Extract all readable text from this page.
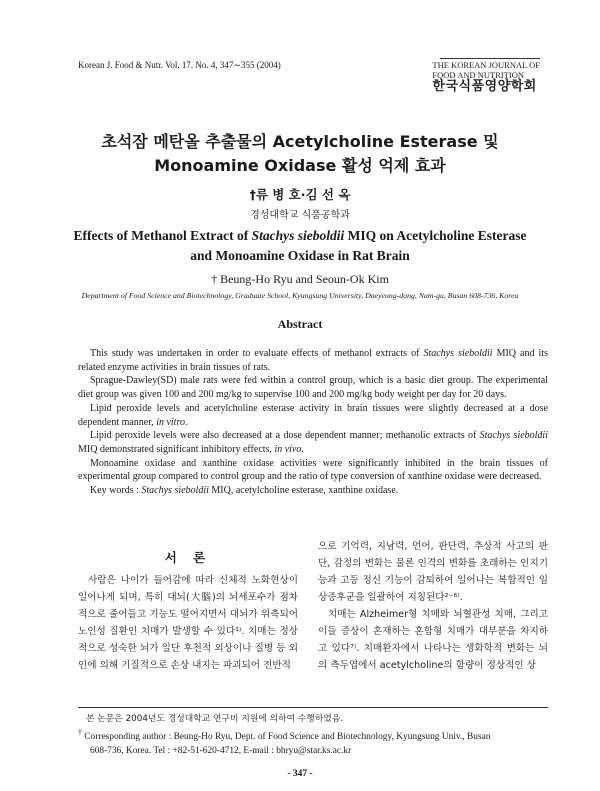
Korean J. Food & Nutr. Vol. 17. No. 4, 347∼355 (2004)	THE KOREAN JOURNAL OF
FOOD AND NUTRITION
한국식품영양학회
초석잠 메탄올 추출물의 Acetylcholine Esterase 및
Monoamine Oxidase 활성 억제 효과
†류 병 호·김 선 옥
경성대학교 식품공학과
Effects of Methanol Extract of Stachys sieboldii MIQ on Acetylcholine Esterase
and Monoamine Oxidase in Rat Brain
† Beung-Ho Ryu and Seoun-Ok Kim
Department of Food Science and Biotechnology, Graduate School, Kyungsung University, Daeyeung-dong, Nam-gu, Busan 608-736, Korea
Abstract

This study was undertaken in order to evaluate effects of methanol extracts of Stachys sieboldii MIQ and its related enzyme activities in brain tissues of rats.

Sprague-Dawley(SD) male rats were fed within a control group, which is a basic diet group. The experimental diet group was given 100 and 200 mg/kg to supervise 100 and 200 mg/kg body weight per day for 20 days.

Lipid peroxide levels and acetylcholine esterase activity in brain tissues were slightly decreased at a dose dependent manner, in vitro.

Lipid peroxide levels were also decreased at a dose dependent manner; methanolic extracts of Stachys sieboldii MIQ demonstrated significant inhibitory effects, in vivo.

Monoamine oxidase and xanthine oxidase activities were significantly inhibited in the brain tissues of experimental group compared to control group and the ratio of type conversion of xanthine oxidase were decreased.

Key words : Stachys sieboldii MIQ, acetylcholine esterase, xanthine oxidase.

서 론

사람은 나이가 들어감에 따라 신체적 노화현상이 일어나게 되며, 특히 대뇌(大腦)의 뇌세포수가 점차적으로 줄어들고 기능도 떨어지면서 대뇌가 위축되어 노인성 질환인 치매가 발생할 수 있다¹⁾. 치매는 정상적으로 성숙한 뇌가 일단 후천적 외상이나 질병 등 외인에 의해 기질적으로 손상 내지는 파괴되어 전반적

으로 기억력, 지남력, 언어, 판단력, 추상적 사고의 판단, 감정의 변화는 물론 인격의 변화를 초래하는 인지기능과 고등 정신 기능이 감퇴하여 일어나는 복합적인 임상증후군을 일괄하여 지칭된다²⁻⁶⁾.

치매는 Alzheimer형 치매와 뇌혈관성 치매, 그리고 이들 증상이 혼재하는 혼합형 치매가 대부분을 차지하고 있다⁷⁾. 치매환자에서 나타나는 생화학적 변화는 뇌의 측두엽에서 acetylcholine의 함량이 정상적인 상

본 논문은 2004년도 경성대학교 연구비 지원에 의하여 수행하였음.

† Corresponding author : Beung-Ho Ryu, Dept. of Food Science and Biotechnology, Kyungsung Univ., Busan

608-736, Korea. Tel : +82-51-620-4712, E-mail : bhryu@star.ks.ac.kr

- 347 -
